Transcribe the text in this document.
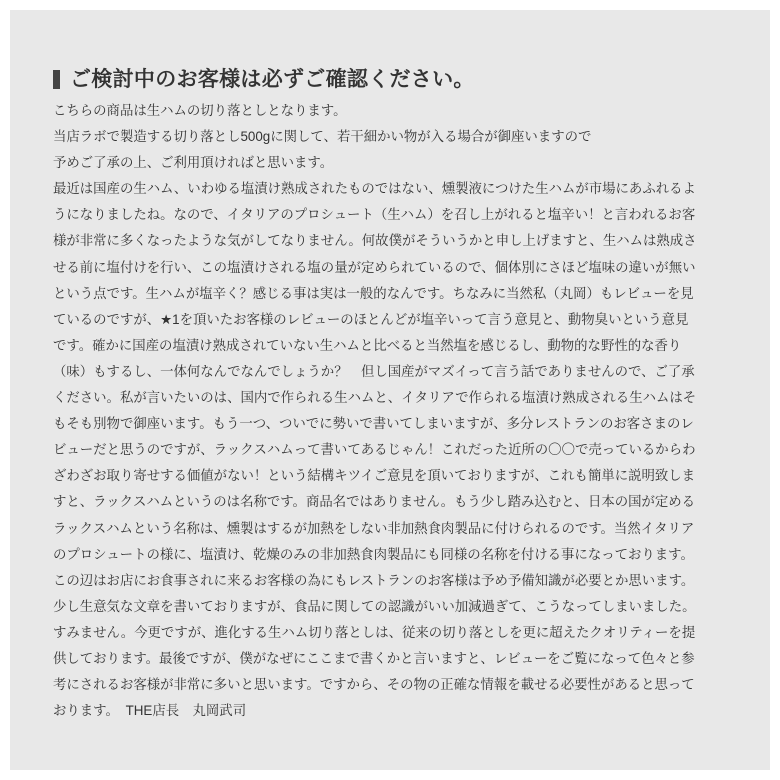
ご検討中のお客様は必ずご確認ください。
こちらの商品は生ハムの切り落としとなります。
当店ラボで製造する切り落とし500gに関して、若干細かい物が入る場合が御座いますので
予めご了承の上、ご利用頂ければと思います。
最近は国産の生ハム、いわゆる塩漬け熟成されたものではない、燻製液につけた生ハムが市場にあふれるよ
うになりましたね。なので、イタリアのプロシュート（生ハム）を召し上がれると塩辛い！と言われるお客
様が非常に多くなったような気がしてなりません。何故僕がそういうかと申し上げますと、生ハムは熟成さ
せる前に塩付けを行い、この塩漬けされる塩の量が定められているので、個体別にさほど塩味の違いが無い
という点です。生ハムが塩辛く？感じる事は実は一般的なんです。ちなみに当然私（丸岡）もレビューを見
ているのですが、★1を頂いたお客様のレビューのほとんどが塩辛いって言う意見と、動物臭いという意見
です。確かに国産の塩漬け熟成されていない生ハムと比べると当然塩を感じるし、動物的な野性的な香り
（味）もするし、一体何なんでなんでしょうか？　但し国産がマズイって言う話でありませんので、ご了承
ください。私が言いたいのは、国内で作られる生ハムと、イタリアで作られる塩漬け熟成される生ハムはそ
もそも別物で御座います。もう一つ、ついでに勢いで書いてしまいますが、多分レストランのお客さまのレ
ビューだと思うのですが、ラックスハムって書いてあるじゃん！これだった近所の〇〇で売っているからわ
ざわざお取り寄せする価値がない！という結構キツイご意見を頂いておりますが、これも簡単に説明致しま
すと、ラックスハムというのは名称です。商品名ではありません。もう少し踏み込むと、日本の国が定める
ラックスハムという名称は、燻製はするが加熱をしない非加熱食肉製品に付けられるのです。当然イタリア
のプロシュートの様に、塩漬け、乾燥のみの非加熱食肉製品にも同様の名称を付ける事になっております。
この辺はお店にお食事されに来るお客様の為にもレストランのお客様は予め予備知識が必要とか思います。
少し生意気な文章を書いておりますが、食品に関しての認識がいい加減過ぎて、こうなってしまいました。
すみません。今更ですが、進化する生ハム切り落としは、従来の切り落としを更に超えたクオリティーを提
供しております。最後ですが、僕がなぜにここまで書くかと言いますと、レビューをご覧になって色々と参
考にされるお客様が非常に多いと思います。ですから、その物の正確な情報を載せる必要性があると思って
おります。　THE店長　丸岡武司
